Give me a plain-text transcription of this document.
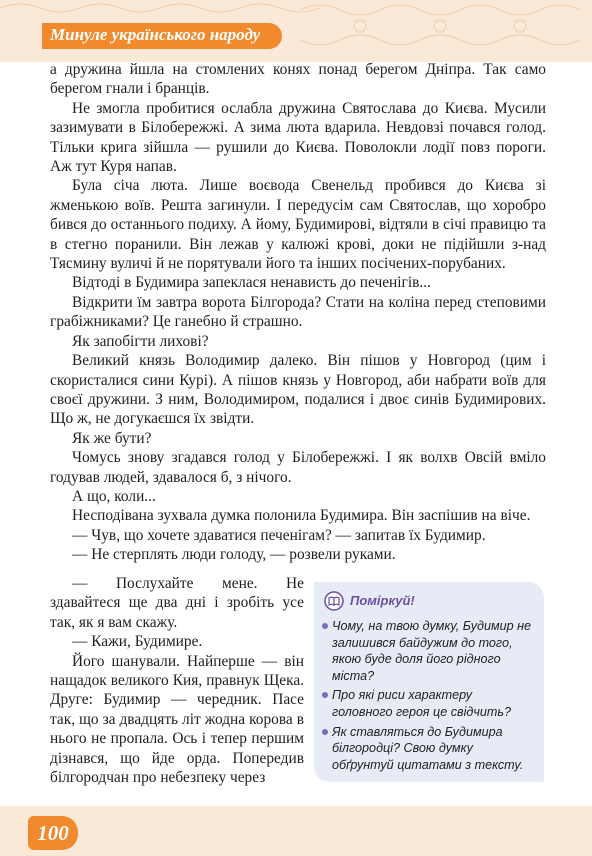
Минуле українського народу

а дружина йшла на стомлених конях понад берегом Дніпра. Так само берегом гнали і бранців.

Не змогла пробитися ослабла дружина Святослава до Києва. Мусили зазимувати в Білобережжі. А зима люта вдарила. Невдовзі почався голод. Тільки крига зійшла — рушили до Києва. Поволокли лодії повз пороги. Аж тут Куря напав.

Була січа люта. Лише воєвода Свенельд пробився до Києва зі жменькою воїв. Решта загинули. І передусім сам Святослав, що хоробро бився до останнього подиху. А йому, Будимирові, відтяли в січі правицю та в стегно поранили. Він лежав у калюжі крові, доки не підійшли з-над Тясмину вуличі й не порятували його та інших посічених-порубаних.

Відтоді в Будимира запеклася ненависть до печенігів...

Відкрити їм завтра ворота Білгорода? Стати на коліна перед степовими грабіжниками? Це ганебно й страшно.

Як запобігти лихові?

Великий князь Володимир далеко. Він пішов у Новгород (цим і скористалися сини Курі). А пішов князь у Новгород, аби набрати воїв для своєї дружини. З ним, Володимиром, подалися і двоє синів Будимирових. Що ж, не догукаєшся їх звідти.

Як же бути?

Чомусь знову згадався голод у Білобережжі. І як волхв Овсій вміло годував людей, здавалося б, з нічого.

А що, коли...

Несподівана зухвала думка полонила Будимира. Він заспішив на віче.

— Чув, що хочете здаватися печенігам? — запитав їх Будимир.

— Не стерплять люди голоду, — розвели руками.

— Послухайте мене. Не здавайтеся ще два дні і зробіть усе так, як я вам скажу.

— Кажи, Будимире.

Його шанували. Найперше — він нащадок великого Кия, правнук Щека. Друге: Будимир — чередник. Пасе так, що за двадцять літ жодна корова в нього не пропала. Ось і тепер першим дізнався, що йде орда. Попередив білгородчан про небезпеку через

Поміркуй!
Чому, на твою думку, Будимир не залишився байдужим до того, якою буде доля його рідного міста?
Про які риси характеру головного героя це свідчить?
Як ставляться до Будимира білгородці? Свою думку обґрунтуй цитатами з тексту.
100
